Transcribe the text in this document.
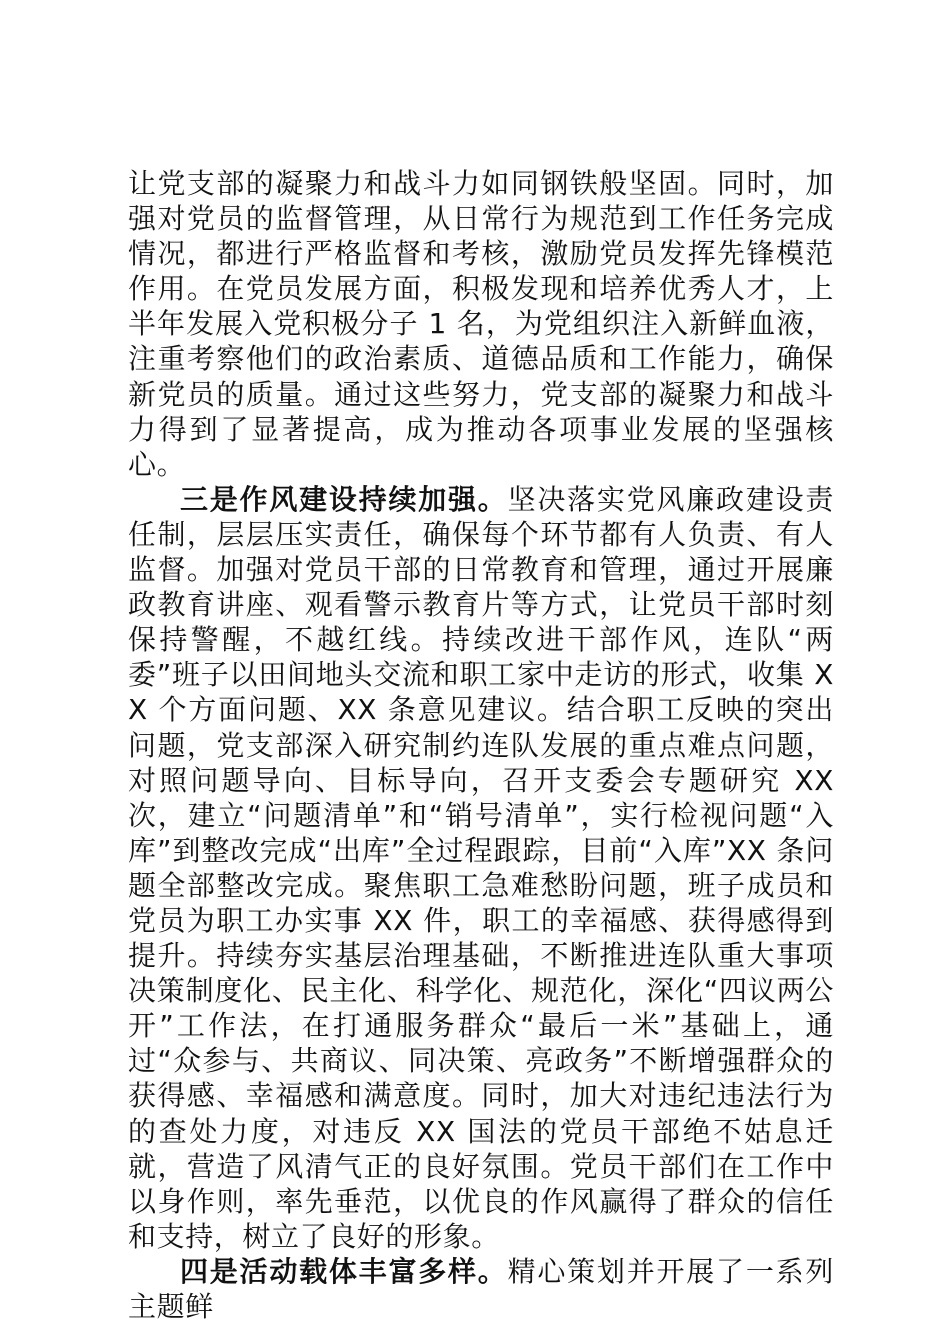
让党支部的凝聚力和战斗力如同钢铁般坚固。同时，加强对党员的监督管理，从日常行为规范到工作任务完成情况，都进行严格监督和考核，激励党员发挥先锋模范作用。在党员发展方面，积极发现和培养优秀人才，上半年发展入党积极分子 1 名，为党组织注入新鲜血液，注重考察他们的政治素质、道德品质和工作能力，确保新党员的质量。通过这些努力，党支部的凝聚力和战斗力得到了显著提高，成为推动各项事业发展的坚强核心。

三是作风建设持续加强。坚决落实党风廉政建设责任制，层层压实责任，确保每个环节都有人负责、有人监督。加强对党员干部的日常教育和管理，通过开展廉政教育讲座、观看警示教育片等方式，让党员干部时刻保持警醒，不越红线。持续改进干部作风，连队“两委”班子以田间地头交流和职工家中走访的形式，收集 XX 个方面问题、XX 条意见建议。结合职工反映的突出问题，党支部深入研究制约连队发展的重点难点问题，对照问题导向、目标导向，召开支委会专题研究 XX 次，建立“问题清单”和“销号清单”，实行检视问题“入库”到整改完成“出库”全过程跟踪，目前“入库”XX 条问题全部整改完成。聚焦职工急难愁盼问题，班子成员和党员为职工办实事 XX 件，职工的幸福感、获得感得到提升。持续夯实基层治理基础，不断推进连队重大事项决策制度化、民主化、科学化、规范化，深化“四议两公开”工作法，在打通服务群众“最后一米”基础上，通过“众参与、共商议、同决策、亮政务”不断增强群众的获得感、幸福感和满意度。同时，加大对违纪违法行为的查处力度，对违反 XX 国法的党员干部绝不姑息迁就，营造了风清气正的良好氛围。党员干部们在工作中以身作则，率先垂范，以优良的作风赢得了群众的信任和支持，树立了良好的形象。

四是活动载体丰富多样。精心策划并开展了一系列主题鲜
